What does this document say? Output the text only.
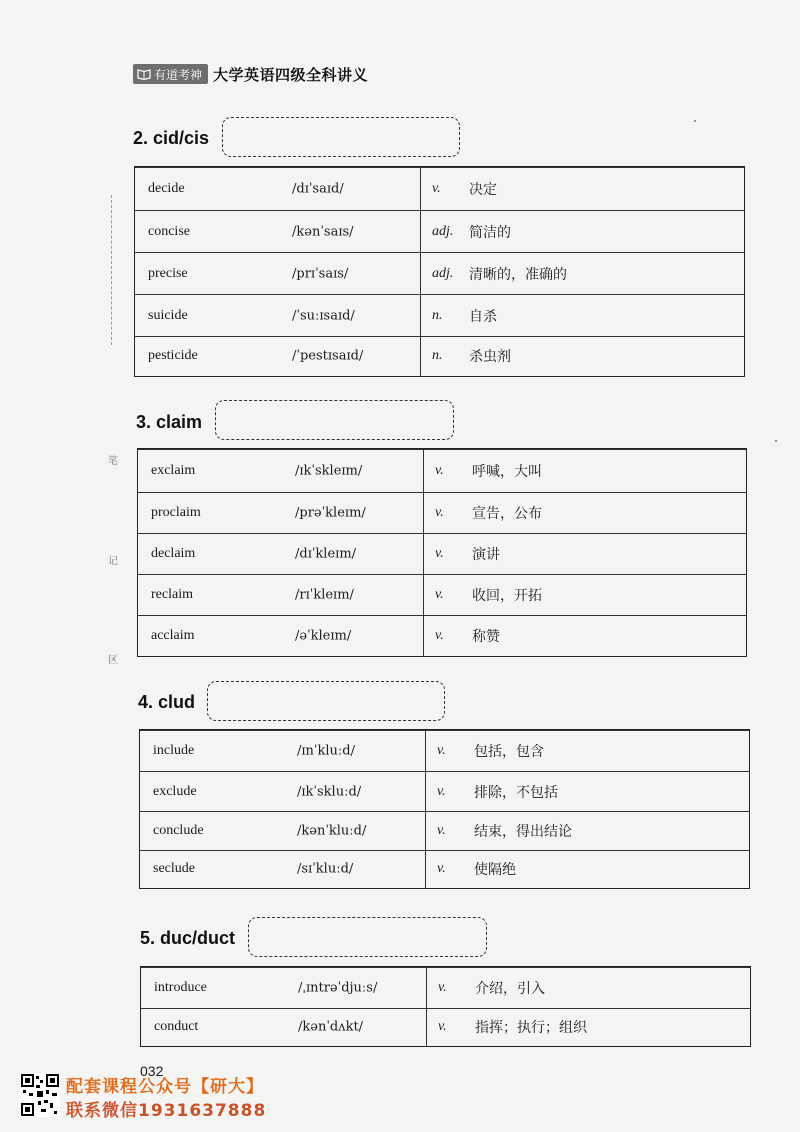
有道考神 大学英语四级全科讲义
笔
记
区
2. cid/cis
decide	/dɪˈsaɪd/	v. 决定
concise	/kənˈsaɪs/	adj. 简洁的
precise	/prɪˈsaɪs/	adj. 清晰的，准确的
suicide	/ˈsuːɪsaɪd/	n. 自杀
pesticide	/ˈpestɪsaɪd/	n. 杀虫剂
3. claim
exclaim	/ɪkˈskleɪm/	v. 呼喊，大叫
proclaim	/prəˈkleɪm/	v. 宣告，公布
declaim	/dɪˈkleɪm/	v. 演讲
reclaim	/rɪˈkleɪm/	v. 收回，开拓
acclaim	/əˈkleɪm/	v. 称赞
4. clud
include	/ɪnˈkluːd/	v. 包括，包含
exclude	/ɪkˈskluːd/	v. 排除，不包括
conclude	/kənˈkluːd/	v. 结束，得出结论
seclude	/sɪˈkluːd/	v. 使隔绝
5. duc/duct
introduce	/ˌɪntrəˈdjuːs/	v. 介绍，引入
conduct	/kənˈdʌkt/	v. 指挥；执行；组织
032
配套课程公众号【研大】
联系微信1931637888
